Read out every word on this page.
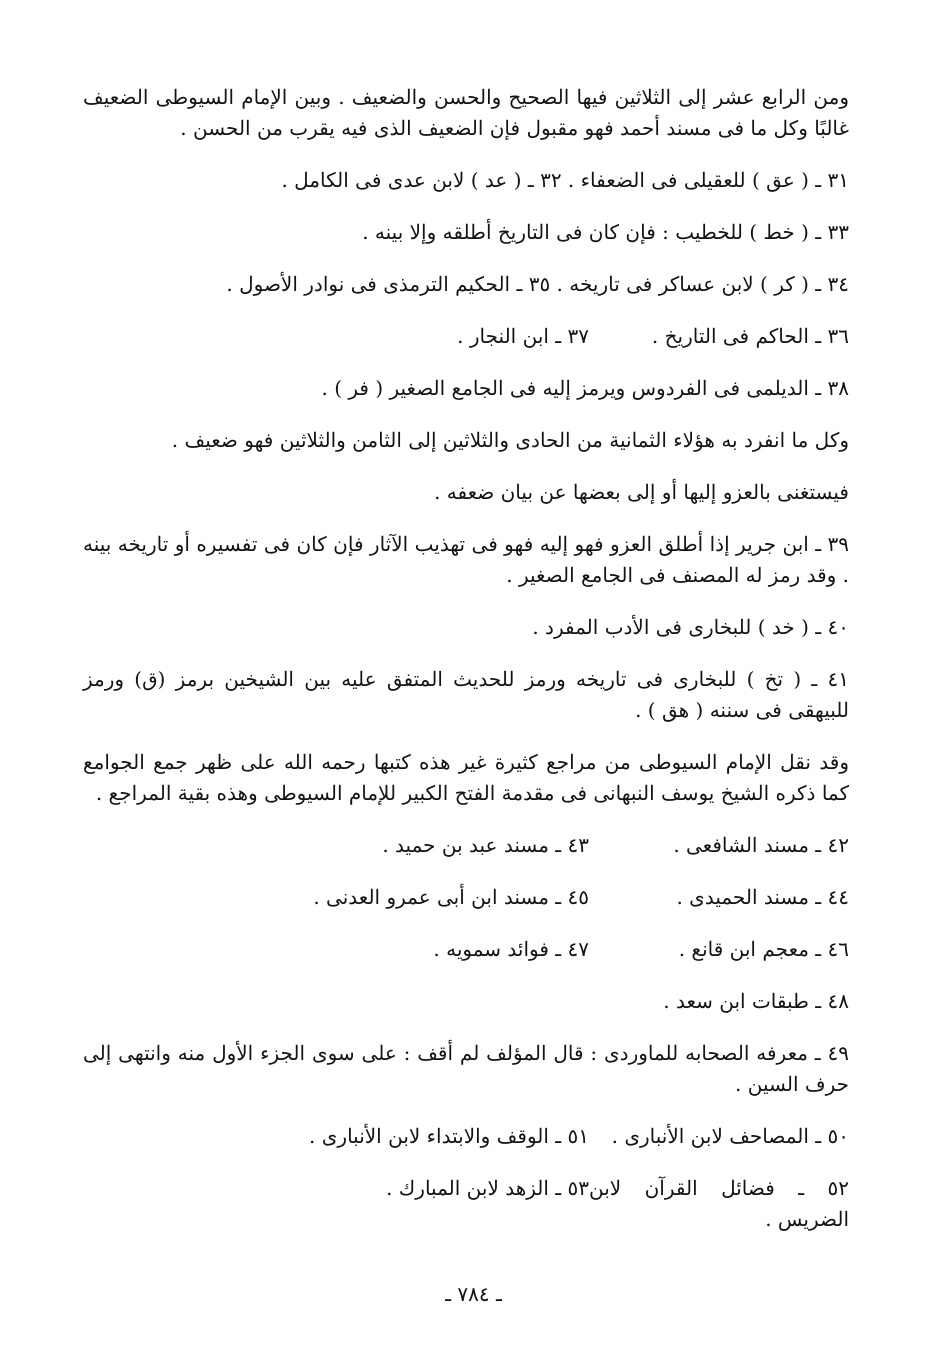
ومن الرابع عشر إلى الثلاثين فيها الصحيح والحسن والضعيف . وبين الإمام السيوطى الضعيف غالبًا وكل ما فى مسند أحمد فهو مقبول فإن الضعيف الذى فيه يقرب من الحسن .

٣١ ـ ( عق ) للعقيلى فى الضعفاء . ٣٢ ـ ( عد ) لابن عدى فى الكامل .

٣٣ ـ ( خط ) للخطيب : فإن كان فى التاريخ أطلقه وإلا بينه .

٣٤ ـ ( كر ) لابن عساكر فى تاريخه . ٣٥ ـ الحكيم الترمذى فى نوادر الأصول .

٣٦ ـ الحاكم فى التاريخ .

٣٧ ـ ابن النجار .

٣٨ ـ الديلمى فى الفردوس ويرمز إليه فى الجامع الصغير ( فر ) .

وكل ما انفرد به هؤلاء الثمانية من الحادى والثلاثين إلى الثامن والثلاثين فهو ضعيف .

فيستغنى بالعزو إليها أو إلى بعضها عن بيان ضعفه .

٣٩ ـ ابن جرير إذا أطلق العزو فهو إليه فهو فى تهذيب الآثار فإن كان فى تفسيره أو تاريخه بينه . وقد رمز له المصنف فى الجامع الصغير .

٤٠ ـ ( خد ) للبخارى فى الأدب المفرد .

٤١ ـ ( تخ ) للبخارى فى تاريخه ورمز للحديث المتفق عليه بين الشيخين برمز (ق) ورمز للبيهقى فى سننه ( هق ) .

وقد نقل الإمام السيوطى من مراجع كثيرة غير هذه كتبها رحمه الله على ظهر جمع الجوامع كما ذكره الشيخ يوسف النبهانى فى مقدمة الفتح الكبير للإمام السيوطى وهذه بقية المراجع .

٤٢ ـ مسند الشافعى .

٤٣ ـ مسند عبد بن حميد .

٤٤ ـ مسند الحميدى .

٤٥ ـ مسند ابن أبى عمرو العدنى .

٤٦ ـ معجم ابن قانع .

٤٧ ـ فوائد سمويه .

٤٨ ـ طبقات ابن سعد .

٤٩ ـ معرفه الصحابه للماوردى : قال المؤلف لم أقف : على سوى الجزء الأول منه وانتهى إلى حرف السين .

٥٠ ـ المصاحف لابن الأنبارى .

٥١ ـ الوقف والابتداء لابن الأنبارى .

٥٢ ـ فضائل القرآن لابن الضريس .

٥٣ ـ الزهد لابن المبارك .

ـ ٧٨٤ ـ
